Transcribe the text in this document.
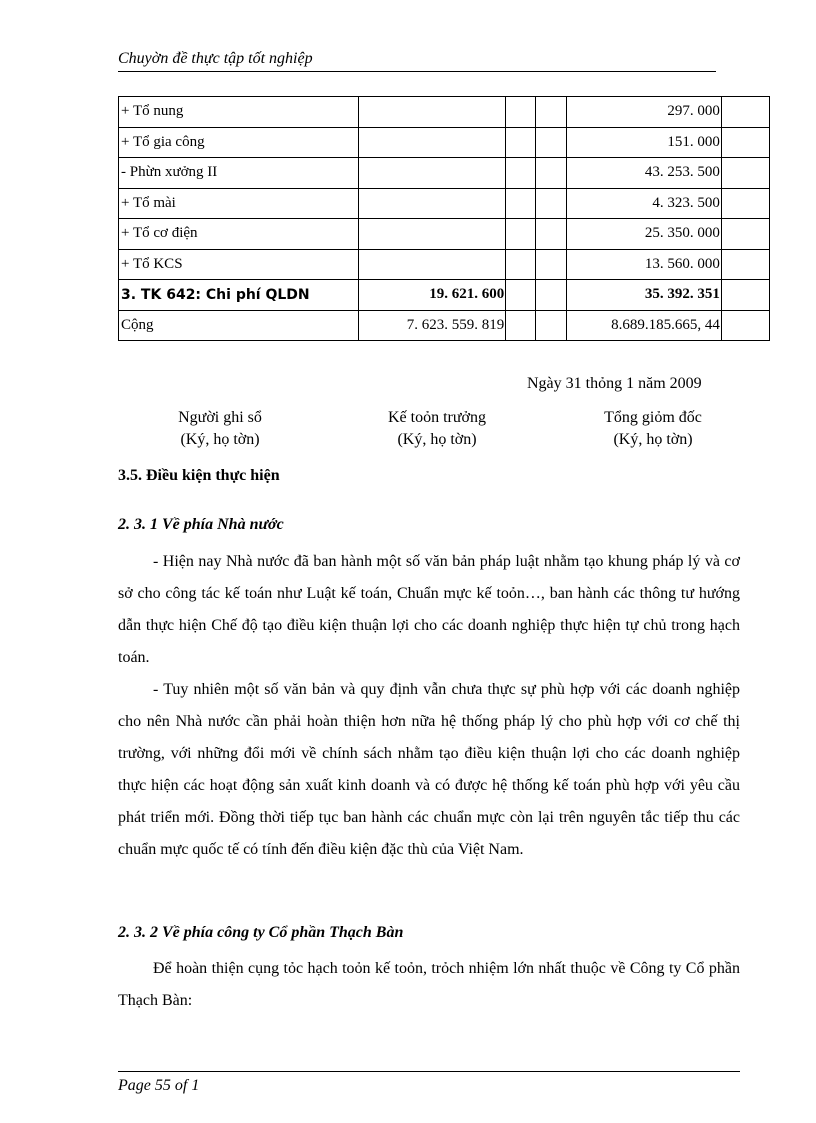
Chuyờn đề thực tập tốt nghiệp
+ Tổ nung				297. 000	
+ Tổ gia công				151. 000	
- Phừn xưởng II				43. 253. 500	
+ Tổ mài				4. 323. 500	
+ Tổ cơ điện				25. 350. 000	
+ Tổ KCS				13. 560. 000	
3. TK 642: Chi phí QLDN	19. 621. 600			35. 392. 351	
Cộng	7. 623. 559. 819			8.689.185.665, 44	
Ngày 31 thỏng 1 năm 2009
Người ghi sổ
(Ký, họ tờn)
Kế toỏn trưởng
(Ký, họ tờn)
Tổng giỏm đốc
(Ký, họ tờn)
3.5. Điều kiện thực hiện
2. 3. 1 Về phía Nhà nước

- Hiện nay Nhà nước đã ban hành một số văn bản pháp luật nhằm tạo khung pháp lý và cơ sở cho công tác kế toán như Luật kế toán, Chuẩn mực kế toỏn…, ban hành các thông tư hướng dẫn thực hiện Chế độ tạo điều kiện thuận lợi cho các doanh nghiệp thực hiện tự chủ trong hạch toán.

- Tuy nhiên một số văn bản và quy định vẫn chưa thực sự phù hợp với các doanh nghiệp cho nên Nhà nước cần phải hoàn thiện hơn nữa hệ thống pháp lý cho phù hợp với cơ chế thị trường, với những đổi mới về chính sách nhằm tạo điều kiện thuận lợi cho các doanh nghiệp thực hiện các hoạt động sản xuất kinh doanh và có được hệ thống kế toán phù hợp với yêu cầu phát triển mới. Đồng thời tiếp tục ban hành các chuẩn mực còn lại trên nguyên tắc tiếp thu các chuẩn mực quốc tế có tính đến điều kiện đặc thù của Việt Nam.

2. 3. 2 Về phía công ty Cổ phần Thạch Bàn

Để hoàn thiện cụng tỏc hạch toỏn kế toỏn, trỏch nhiệm lớn nhất thuộc về Công ty Cổ phần Thạch Bàn:

Page 55 of 1
